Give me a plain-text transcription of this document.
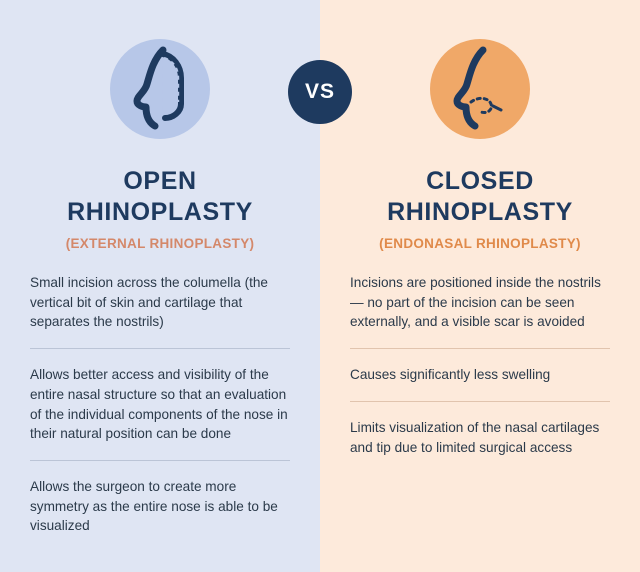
OPEN
RHINOPLASTY
(EXTERNAL RHINOPLASTY)
Small incision across the columella (the vertical bit of skin and cartilage that separates the nostrils)
Allows better access and visibility of the entire nasal structure so that an evaluation of the individual components of the nose in their natural position can be done
Allows the surgeon to create more symmetry as the entire nose is able to be visualized
CLOSED
RHINOPLASTY
(ENDONASAL RHINOPLASTY)
Incisions are positioned inside the nostrils — no part of the incision can be seen externally, and a visible scar is avoided
Causes significantly less swelling
Limits visualization of the nasal cartilages and tip due to limited surgical access
VS
